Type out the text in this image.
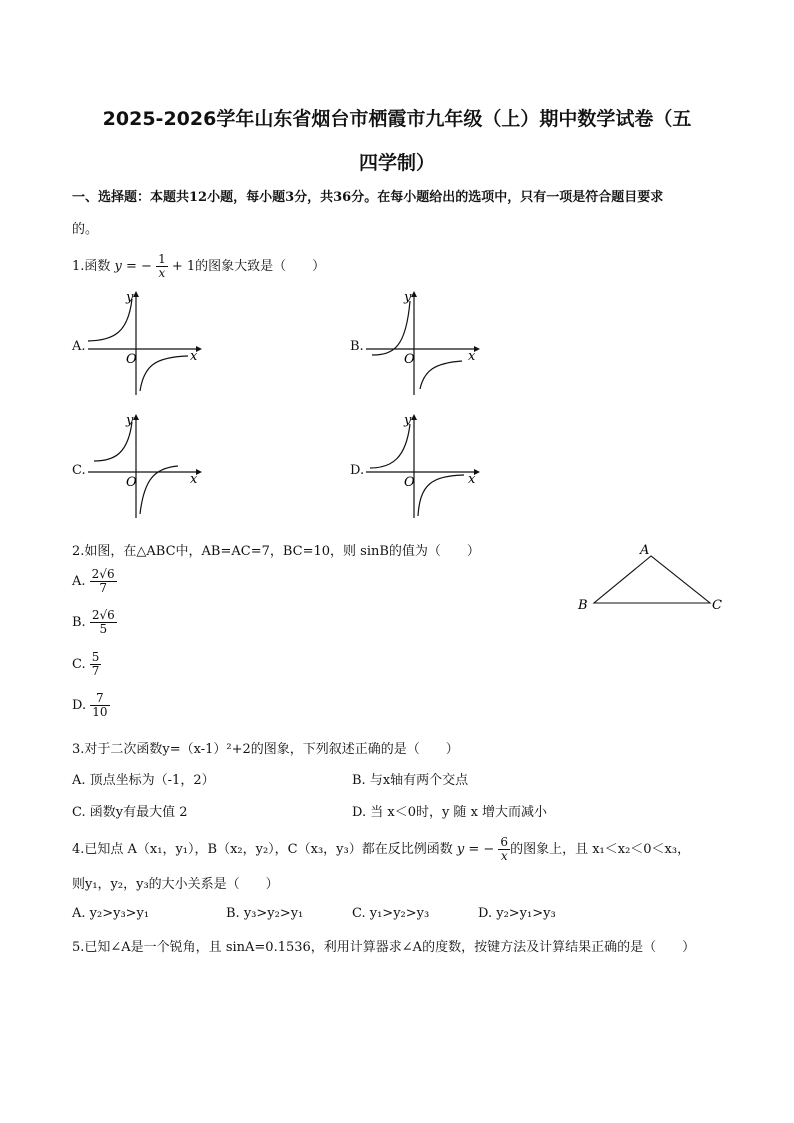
2025-2026学年山东省烟台市栖霞市九年级（上）期中数学试卷（五
四学制）
一、选择题：本题共12小题，每小题3分，共36分。在每小题给出的选项中，只有一项是符合题目要求
的。
1.函数 y = − $\frac{1}{x} + 1$的图象大致是（　　）
A.
x
y
O
B.
x
y
O
C.
x
y
O
D.
x
y
O
2.如图，在△ABC中，AB=AC=7，BC=10，则 sinB的值为（　　）	A
B	C
A. $\frac{2√6}{7}$
B. $\frac{2√6}{5}$
C. $\frac{5}{7}$
D. $\frac{7}{10}$
3.对于二次函数y=（x-1）²+2的图象，下列叙述正确的是（　　）
A. 顶点坐标为（-1，2）	B. 与x轴有两个交点
C. 函数y有最大值 2	D. 当 x＜0时，y 随 x 增大而减小
4.已知点 A（x₁，y₁），B（x₂，y₂），C（x₃，y₃）都在反比例函数 y = − $\frac{6}{x}$ 的图象上，且 x₁＜x₂＜0＜x₃，
则y₁，y₂，y₃的大小关系是（　　）
A. y₂>y₃>y₁	B. y₃>y₂>y₁	C. y₁>y₂>y₃	D. y₂>y₁>y₃
5.已知∠A是一个锐角，且 sinA=0.1536，利用计算器求∠A的度数，按键方法及计算结果正确的是（　　）
